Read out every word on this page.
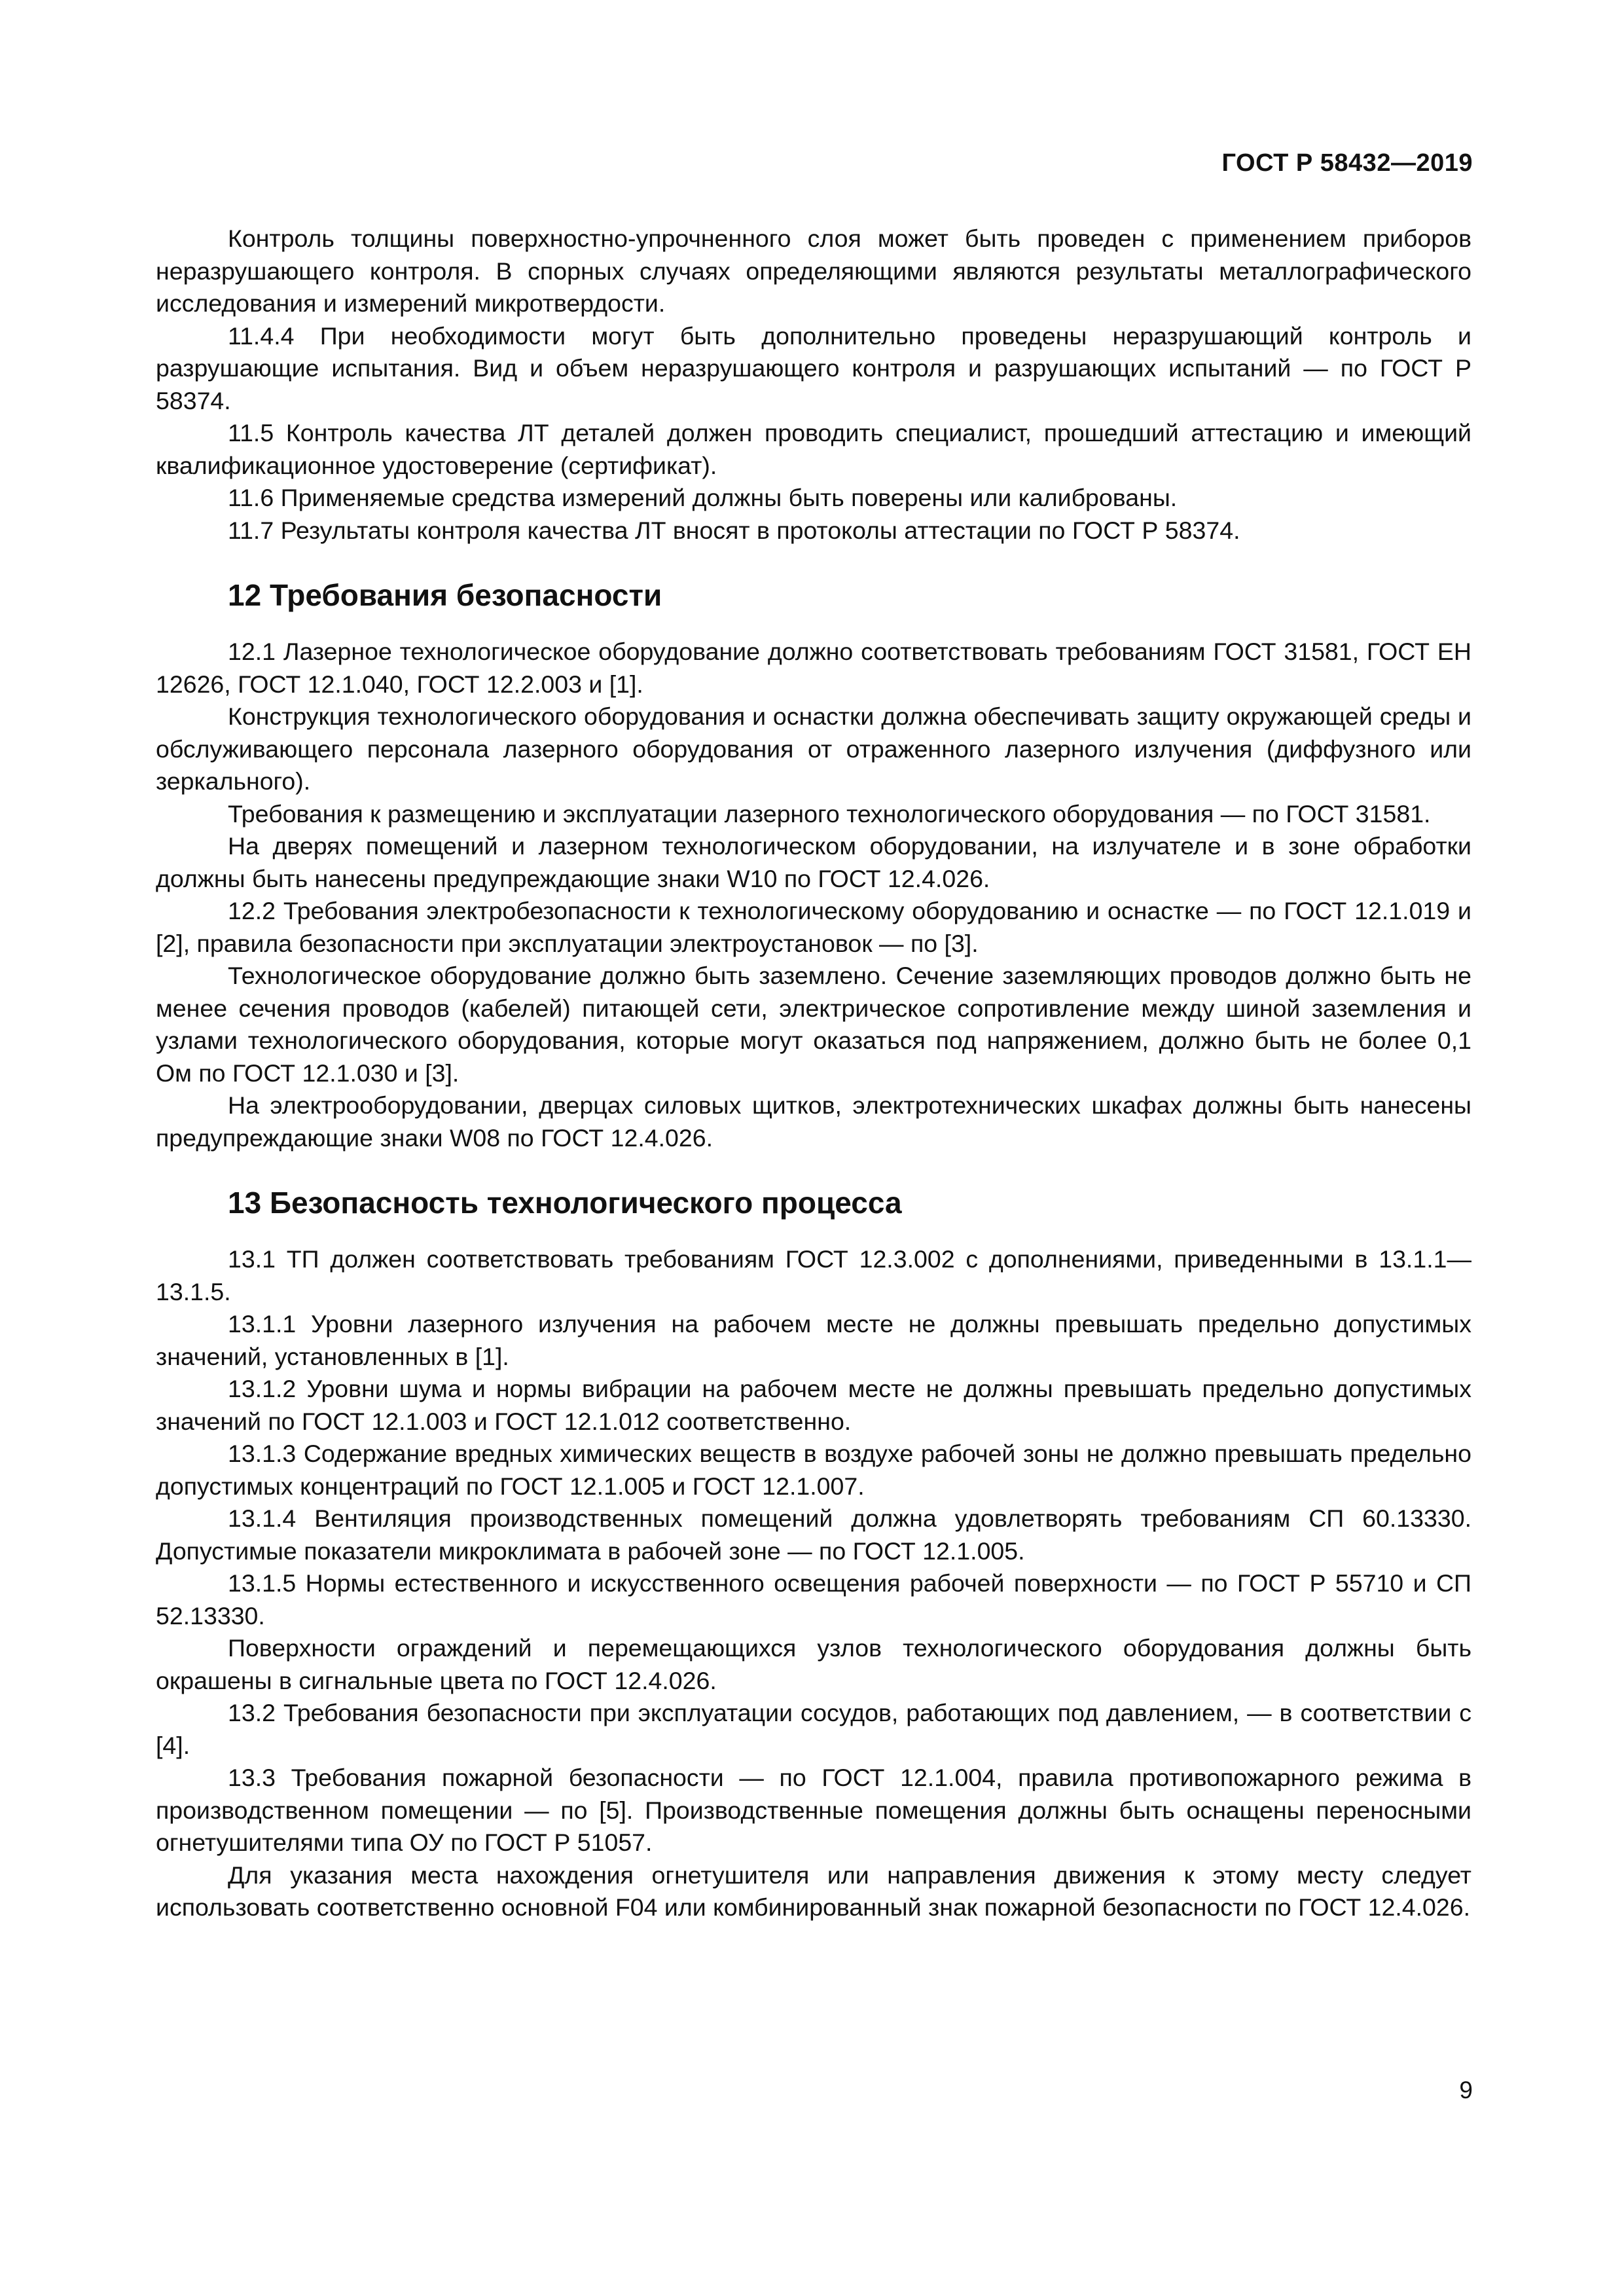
ГОСТ Р 58432—2019

Контроль толщины поверхностно-упрочненного слоя может быть проведен с применением приборов неразрушающего контроля. В спорных случаях определяющими являются результаты металлографического исследования и измерений микротвердости.

11.4.4 При необходимости могут быть дополнительно проведены неразрушающий контроль и разрушающие испытания. Вид и объем неразрушающего контроля и разрушающих испытаний — по ГОСТ Р 58374.

11.5 Контроль качества ЛТ деталей должен проводить специалист, прошедший аттестацию и имеющий квалификационное удостоверение (сертификат).

11.6 Применяемые средства измерений должны быть поверены или калиброваны.

11.7 Результаты контроля качества ЛТ вносят в протоколы аттестации по ГОСТ Р 58374.

12 Требования безопасности

12.1 Лазерное технологическое оборудование должно соответствовать требованиям ГОСТ 31581, ГОСТ ЕН 12626, ГОСТ 12.1.040, ГОСТ 12.2.003 и [1].

Конструкция технологического оборудования и оснастки должна обеспечивать защиту окружающей среды и обслуживающего персонала лазерного оборудования от отраженного лазерного излучения (диффузного или зеркального).

Требования к размещению и эксплуатации лазерного технологического оборудования — по ГОСТ 31581.

На дверях помещений и лазерном технологическом оборудовании, на излучателе и в зоне обработки должны быть нанесены предупреждающие знаки W10 по ГОСТ 12.4.026.

12.2 Требования электробезопасности к технологическому оборудованию и оснастке — по ГОСТ 12.1.019 и [2], правила безопасности при эксплуатации электроустановок — по [3].

Технологическое оборудование должно быть заземлено. Сечение заземляющих проводов должно быть не менее сечения проводов (кабелей) питающей сети, электрическое сопротивление между шиной заземления и узлами технологического оборудования, которые могут оказаться под напряжением, должно быть не более 0,1 Ом по ГОСТ 12.1.030 и [3].

На электрооборудовании, дверцах силовых щитков, электротехнических шкафах должны быть нанесены предупреждающие знаки W08 по ГОСТ 12.4.026.

13 Безопасность технологического процесса

13.1 ТП должен соответствовать требованиям ГОСТ 12.3.002 с дополнениями, приведенными в 13.1.1—13.1.5.

13.1.1 Уровни лазерного излучения на рабочем месте не должны превышать предельно допустимых значений, установленных в [1].

13.1.2 Уровни шума и нормы вибрации на рабочем месте не должны превышать предельно допустимых значений по ГОСТ 12.1.003 и ГОСТ 12.1.012 соответственно.

13.1.3 Содержание вредных химических веществ в воздухе рабочей зоны не должно превышать предельно допустимых концентраций по ГОСТ 12.1.005 и ГОСТ 12.1.007.

13.1.4 Вентиляция производственных помещений должна удовлетворять требованиям СП 60.13330. Допустимые показатели микроклимата в рабочей зоне — по ГОСТ 12.1.005.

13.1.5 Нормы естественного и искусственного освещения рабочей поверхности — по ГОСТ Р 55710 и СП 52.13330.

Поверхности ограждений и перемещающихся узлов технологического оборудования должны быть окрашены в сигнальные цвета по ГОСТ 12.4.026.

13.2 Требования безопасности при эксплуатации сосудов, работающих под давлением, — в соответствии с [4].

13.3 Требования пожарной безопасности — по ГОСТ 12.1.004, правила противопожарного режима в производственном помещении — по [5]. Производственные помещения должны быть оснащены переносными огнетушителями типа ОУ по ГОСТ Р 51057.

Для указания места нахождения огнетушителя или направления движения к этому месту следует использовать соответственно основной F04 или комбинированный знак пожарной безопасности по ГОСТ 12.4.026.

9
